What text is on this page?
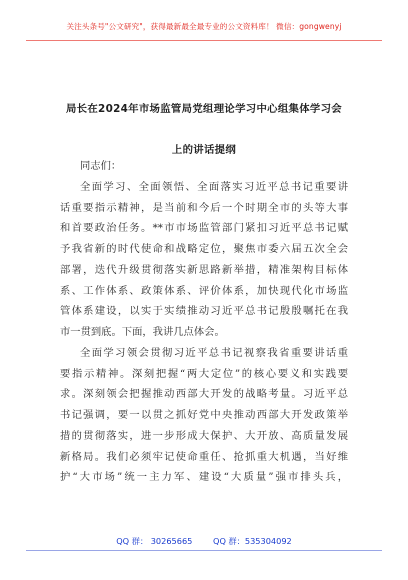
关注头条号"公文研究"，获得最新最全最专业的公文资料库！ 微信：gongwenyj
局长在2024年市场监管局党组理论学习中心组集体学习会
上的讲话提纲
同志们：
全面学习、全面领悟、全面落实习近平总书记重要讲
话重要指示精神，是当前和今后一个时期全市的头等大事
和首要政治任务。**市市场监管部门紧扣习近平总书记赋
予我省新的时代使命和战略定位，聚焦市委六届五次全会
部署，迭代升级贯彻落实新思路新举措，精准架构目标体
系、工作体系、政策体系、评价体系，加快现代化市场监
管体系建设，以实于实绩推动习近平总书记殷殷嘱托在我
市一贯到底。下面，我讲几点体会。
全面学习领会贯彻习近平总书记视察我省重要讲话重
要指示精神。深刻把握“两大定位”的核心要义和实践要
求。深刻领会把握推动西部大开发的战略考量。习近平总
书记强调，要一以贯之抓好党中央推动西部大开发政策举
措的贯彻落实，进一步形成大保护、大开放、高质量发展
新格局。我们必须牢记使命重任、抢抓重大机遇，当好维
护“大市场”统一主力军、建设“大质量”强市排头兵，
QQ 群： 30265665	QQ 群：535304092
